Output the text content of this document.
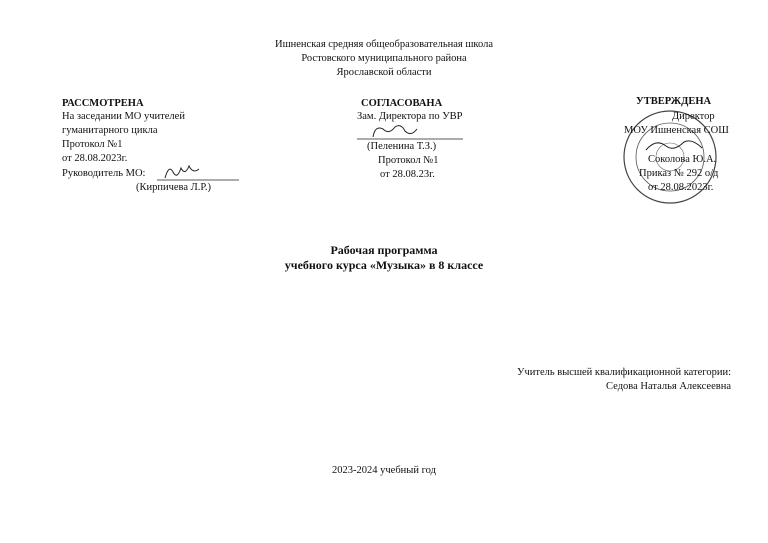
Ишненская средняя общеобразовательная школа
Ростовского муниципального района
Ярославской области
РАССМОТРЕНА
На заседании МО учителей
гуманитарного цикла
Протокол №1
от 28.08.2023г.
Руководитель МО:
(Кирпичева Л.Р.)
СОГЛАСОВАНА
Зам. Директора по УВР
(Пеленина Т.З.)
Протокол №1
от 28.08.23г.
УТВЕРЖДЕНА
Директор
МОУ Ишненская СОШ
Соколова Ю.А.
Приказ № 292 о/д
от 28.08.2023г.
Рабочая программа
учебного курса «Музыка» в 8 классе
Учитель высшей квалификационной категории:
Седова Наталья Алексеевна
2023-2024 учебный год
